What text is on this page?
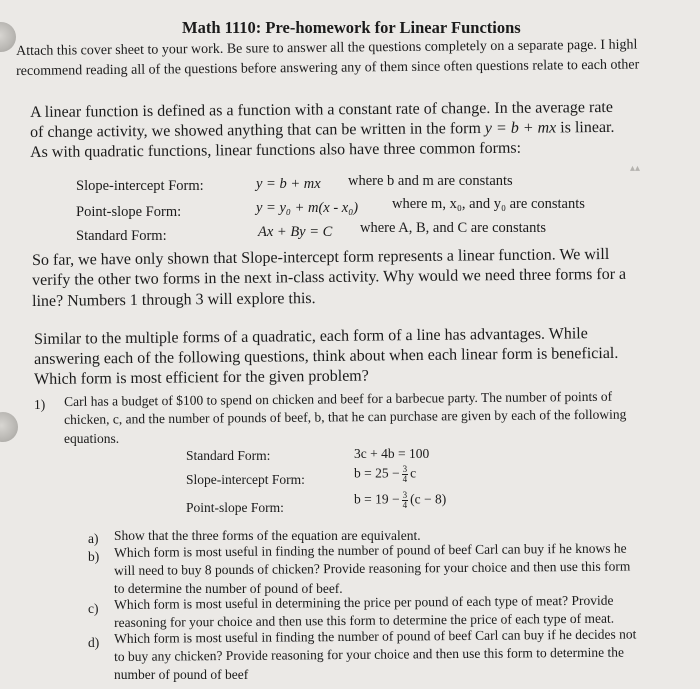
▴▴
Math 1110: Pre-homework for Linear Functions
Attach this cover sheet to your work. Be sure to answer all the questions completely on a separate page. I highl
recommend reading all of the questions before answering any of them since often questions relate to each other
A linear function is defined as a function with a constant rate of change. In the average rate
of change activity, we showed anything that can be written in the form y = b + mx is linear.
As with quadratic functions, linear functions also have three common forms:
Slope-intercept Form:	y = b + mx where b and m are constants
Point-slope Form:	y = y₀ + m(x - x₀) where m, x₀, and y₀ are constants
Standard Form:	Ax + By = C where A, B, and C are constants
So far, we have only shown that Slope-intercept form represents a linear function. We will
verify the other two forms in the next in-class activity. Why would we need three forms for a
line? Numbers 1 through 3 will explore this.
Similar to the multiple forms of a quadratic, each form of a line has advantages. While
answering each of the following questions, think about when each linear form is beneficial.
Which form is most efficient for the given problem?
1) Carl has a budget of $100 to spend on chicken and beef for a barbecue party. The number of points of
chicken, c, and the number of pounds of beef, b, that he can purchase are given by each of the following
equations.
Standard Form:	3c + 4b = 100
Slope-intercept Form:	$b = 25 - \frac{3}{4}$ c
Point-slope Form:
$b = 19 - \frac{3}{4} (c - 8)$
a) Show that the three forms of the equation are equivalent.
b) Which form is most useful in finding the number of pound of beef Carl can buy if he knows he
will need to buy 8 pounds of chicken? Provide reasoning for your choice and then use this form
to determine the number of pound of beef.
c) Which form is most useful in determining the price per pound of each type of meat? Provide
reasoning for your choice and then use this form to determine the price of each type of meat.
d) Which form is most useful in finding the number of pound of beef Carl can buy if he decides not
to buy any chicken? Provide reasoning for your choice and then use this form to determine the
number of pound of beef
